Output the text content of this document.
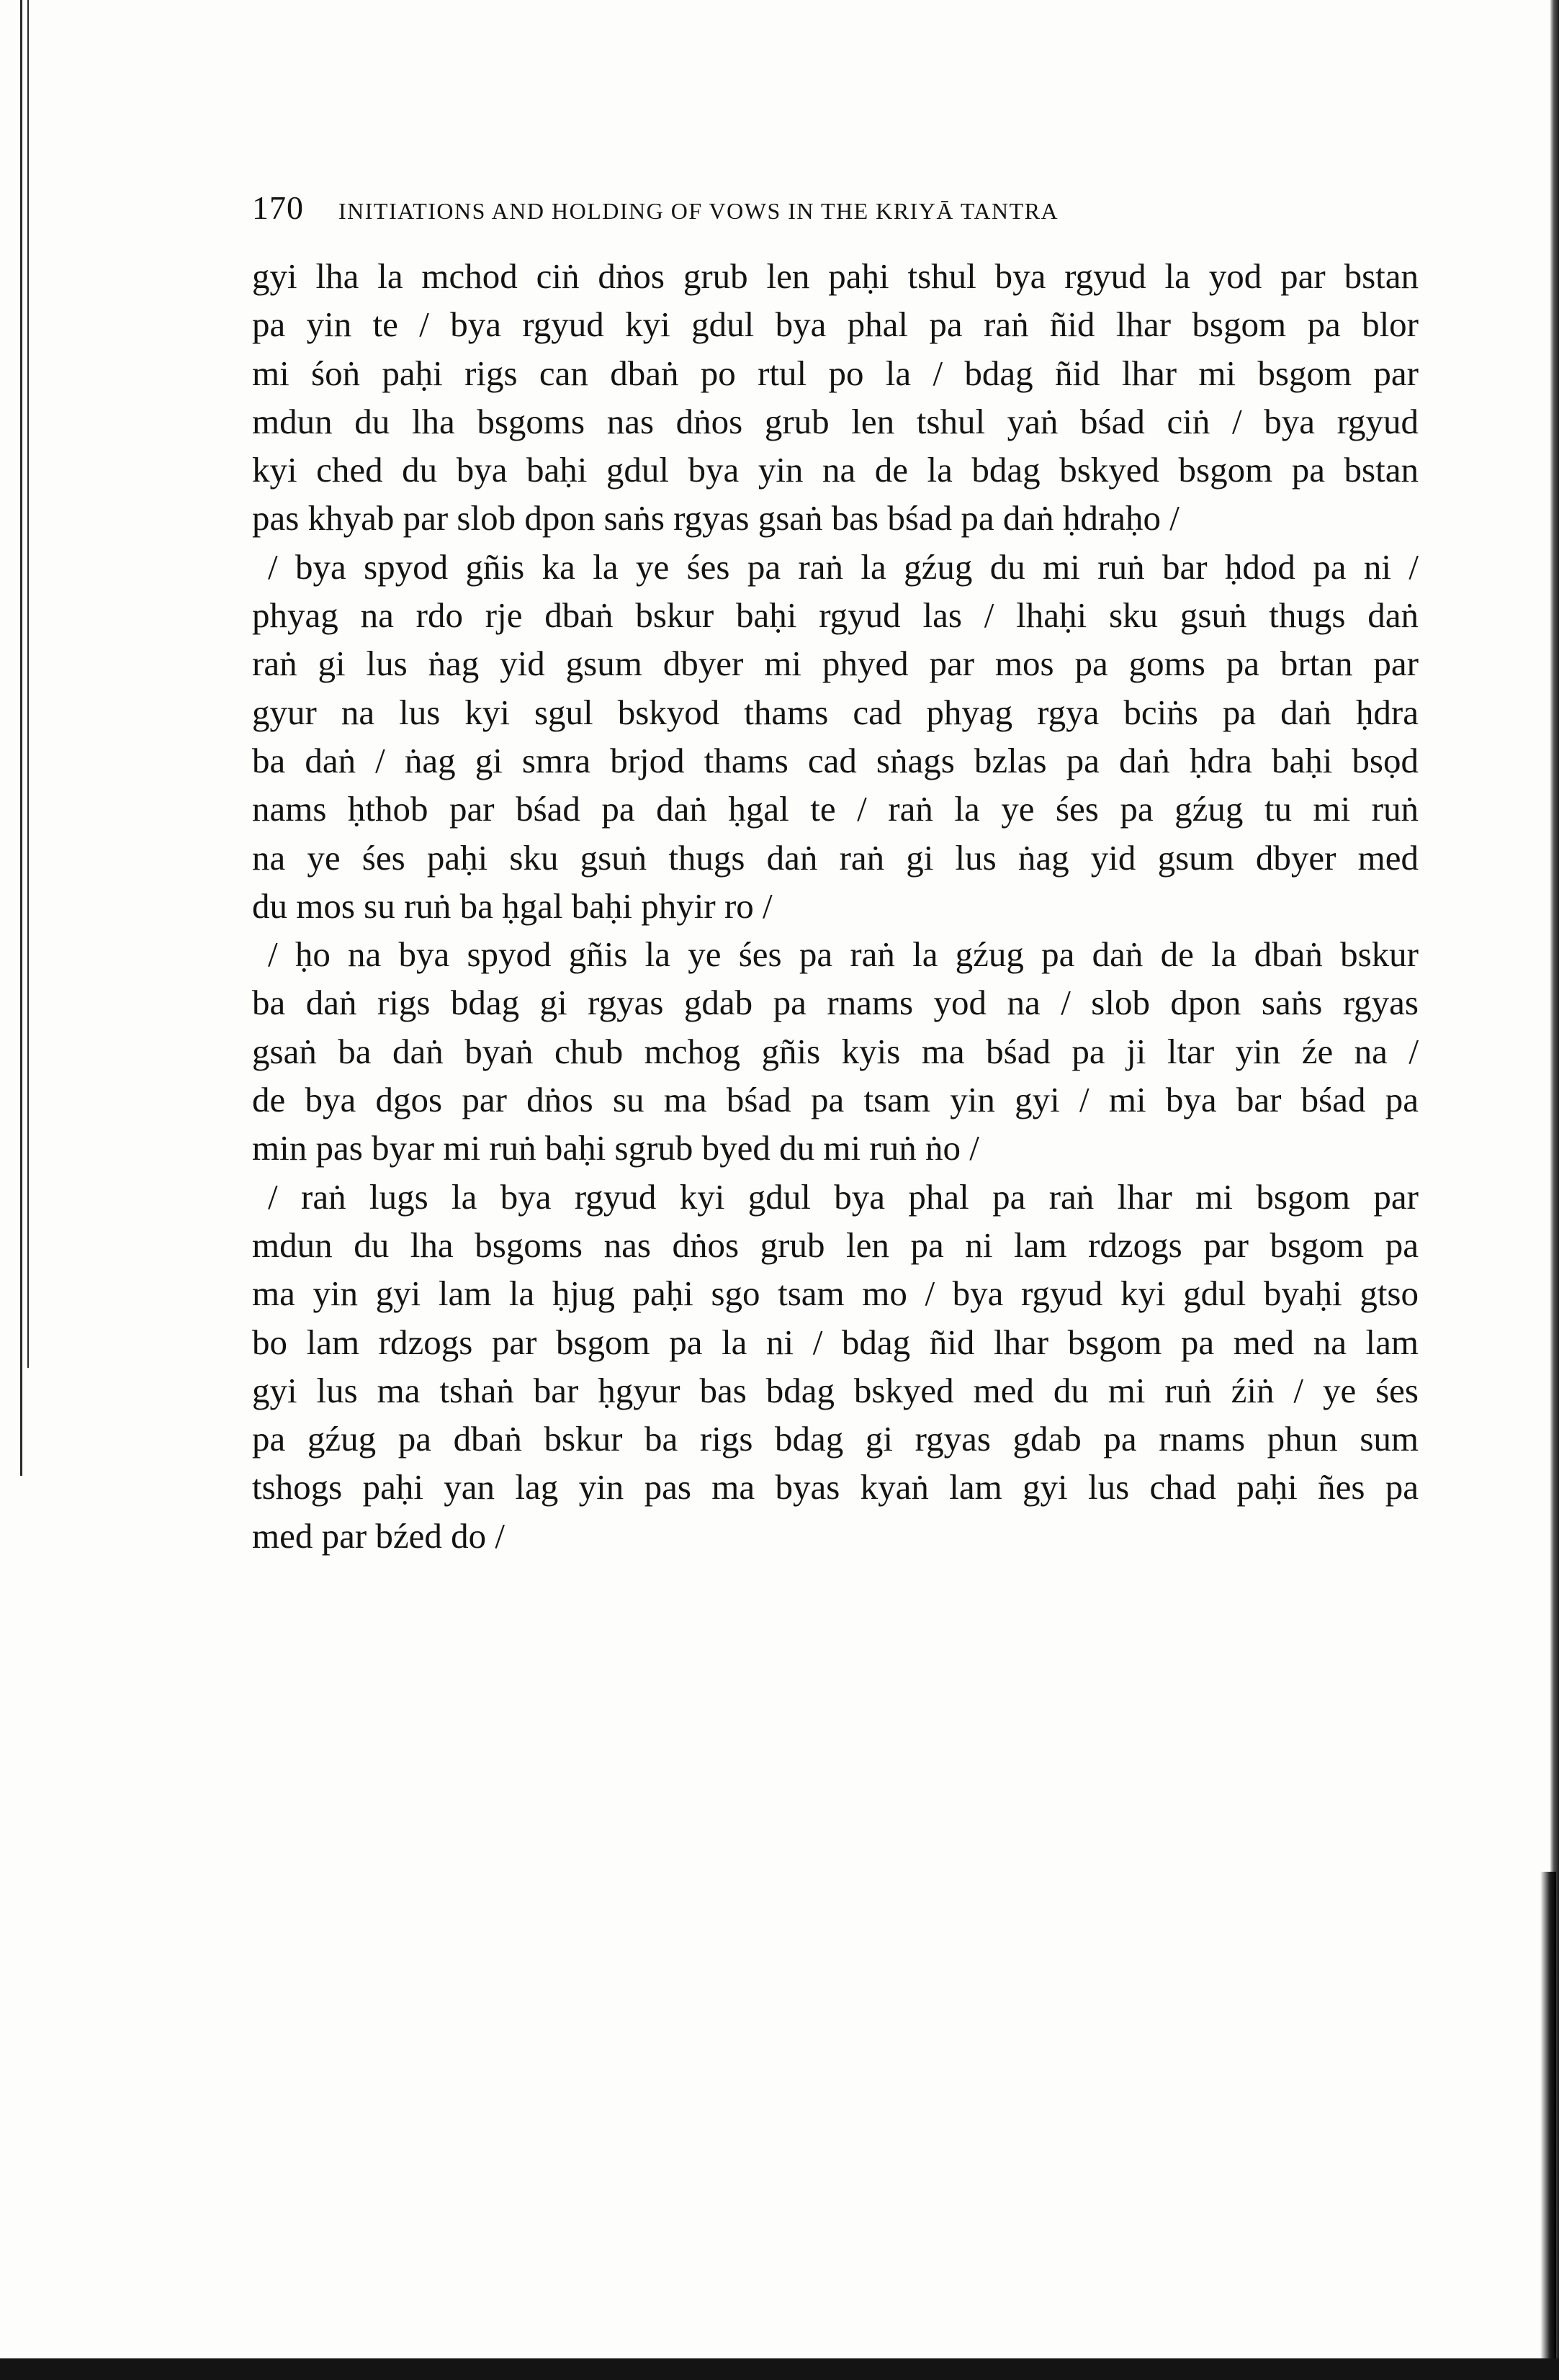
170 INITIATIONS AND HOLDING OF VOWS IN THE KRIYĀ TANTRA
gyi lha la mchod ciṅ dṅos grub len paḥi tshul bya rgyud la yod par bstan
pa yin te / bya rgyud kyi gdul bya phal pa raṅ ñid lhar bsgom pa blor
mi śoṅ paḥi rigs can dbaṅ po rtul po la / bdag ñid lhar mi bsgom par
mdun du lha bsgoms nas dṅos grub len tshul yaṅ bśad ciṅ / bya rgyud
kyi ched du bya baḥi gdul bya yin na de la bdag bskyed bsgom pa bstan
pas khyab par slob dpon saṅs rgyas gsaṅ bas bśad pa daṅ ḥdraḥo /
/ bya spyod gñis ka la ye śes pa raṅ la gźug du mi ruṅ bar ḥdod pa ni /
phyag na rdo rje dbaṅ bskur baḥi rgyud las / lhaḥi sku gsuṅ thugs daṅ
raṅ gi lus ṅag yid gsum dbyer mi phyed par mos pa goms pa brtan par
gyur na lus kyi sgul bskyod thams cad phyag rgya bciṅs pa daṅ ḥdra
ba daṅ / ṅag gi smra brjod thams cad sṅags bzlas pa daṅ ḥdra baḥi bsọd
nams ḥthob par bśad pa daṅ ḥgal te / raṅ la ye śes pa gźug tu mi ruṅ
na ye śes paḥi sku gsuṅ thugs daṅ raṅ gi lus ṅag yid gsum dbyer med
du mos su ruṅ ba ḥgal baḥi phyir ro /
/ ḥo na bya spyod gñis la ye śes pa raṅ la gźug pa daṅ de la dbaṅ bskur
ba daṅ rigs bdag gi rgyas gdab pa rnams yod na / slob dpon saṅs rgyas
gsaṅ ba daṅ byaṅ chub mchog gñis kyis ma bśad pa ji ltar yin źe na /
de bya dgos par dṅos su ma bśad pa tsam yin gyi / mi bya bar bśad pa
min pas byar mi ruṅ baḥi sgrub byed du mi ruṅ ṅo /
/ raṅ lugs la bya rgyud kyi gdul bya phal pa raṅ lhar mi bsgom par
mdun du lha bsgoms nas dṅos grub len pa ni lam rdzogs par bsgom pa
ma yin gyi lam la ḥjug paḥi sgo tsam mo / bya rgyud kyi gdul byaḥi gtso
bo lam rdzogs par bsgom pa la ni / bdag ñid lhar bsgom pa med na lam
gyi lus ma tshaṅ bar ḥgyur bas bdag bskyed med du mi ruṅ źiṅ / ye śes
pa gźug pa dbaṅ bskur ba rigs bdag gi rgyas gdab pa rnams phun sum
tshogs paḥi yan lag yin pas ma byas kyaṅ lam gyi lus chad paḥi ñes pa
med par bźed do /
